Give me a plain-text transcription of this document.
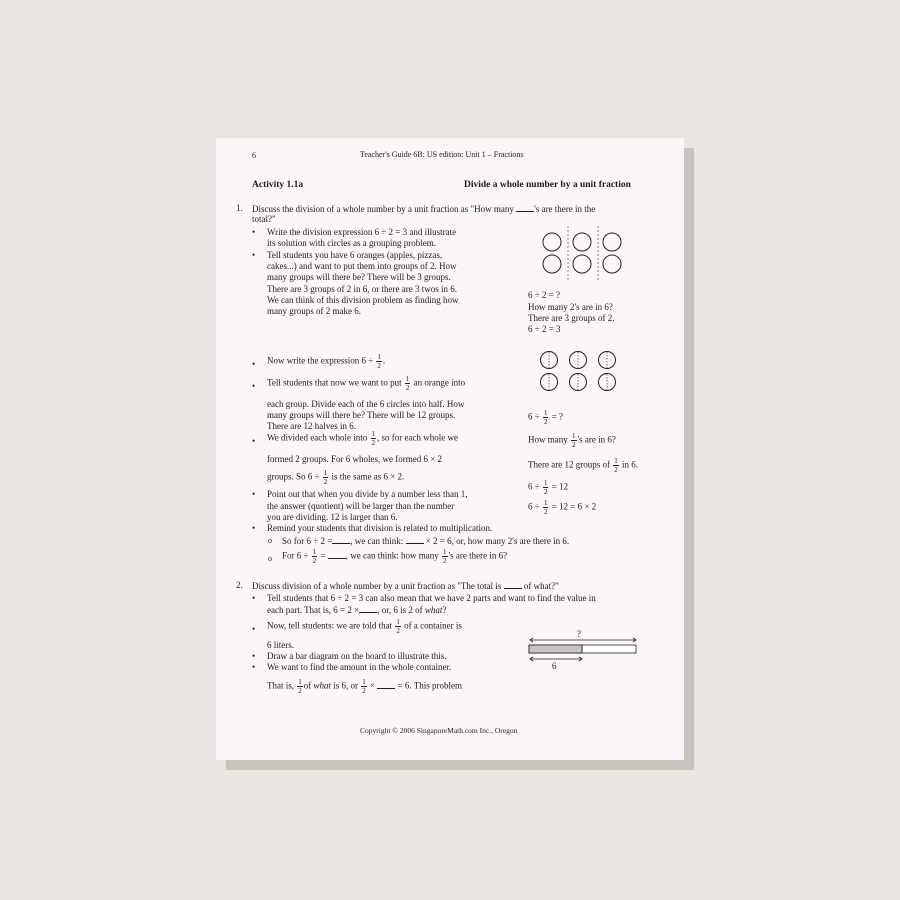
6	Teacher's Guide 6B: US edition: Unit 1 – Fractions
Activity 1.1a	Divide a whole number by a unit fraction
1. Discuss the division of a whole number by a unit fraction as "How many 's are there in the
total?"
• Write the division expression 6 ÷ 2 = 3 and illustrate
its solution with circles as a grouping problem.
• Tell students you have 6 oranges (apples, pizzas,
cakes...) and want to put them into groups of 2. How
many groups will there be? There will be 3 groups.
There are 3 groups of 2 in 6, or there are 3 twos in 6.
We can think of this division problem as finding how
many groups of 2 make 6.
6 ÷ 2 = ?
How many 2's are in 6?
There are 3 groups of 2.
6 ÷ 2 = 3
• Now write the expression $6 \div \frac{1}{2}$ .
• Tell students that now we want to put $\frac{1}{2}$ an orange into
each group. Divide each of the 6 circles into half. How
many groups will there be? There will be 12 groups.
There are 12 halves in 6.
$6 \div \frac{1}{2}$ = ?
How many $\frac{1}{2}$ 's are in 6?
• We divided each whole into $\frac{1}{2}$ , so for each whole we
formed 2 groups. For 6 wholes, we formed 6 × 2
groups. So $6 \div \frac{1}{2}$ is the same as 6 × 2.
There are 12 groups of $\frac{1}{2}$ in 6.
$6 \div \frac{1}{2} = 12$
$6 \div \frac{1}{2} = 12 = 6 \times 2$
• Point out that when you divide by a number less than 1,
the answer (quotient) will be larger than the number
you are dividing. 12 is larger than 6.
• Remind your students that division is related to multiplication.
o So for 6 ÷ 2 = , we can think:	× 2 = 6, or, how many 2's are there in 6.
o For $6 \div \frac{1}{2}$ = , we can think: how many $\frac{1}{2}$ 's are there in 6?
2. Discuss division of a whole number by a unit fraction as "The total is	of what?"
• Tell students that 6 ÷ 2 = 3 can also mean that we have 2 parts and want to find the value in
each part. That is, 6 = 2 × , or, 6 is 2 of what?
• Now, tell students: we are told that $\frac{1}{2}$ of a container is
6 liters.
• Draw a bar diagram on the board to illustrate this.
• We want to find the amount in the whole container.
That is, $\frac{1}{2}$ of what is 6, or $\frac{1}{2}$ ×	= 6. This problem
?
6
Copyright © 2006 SingaporeMath.com Inc., Oregon
